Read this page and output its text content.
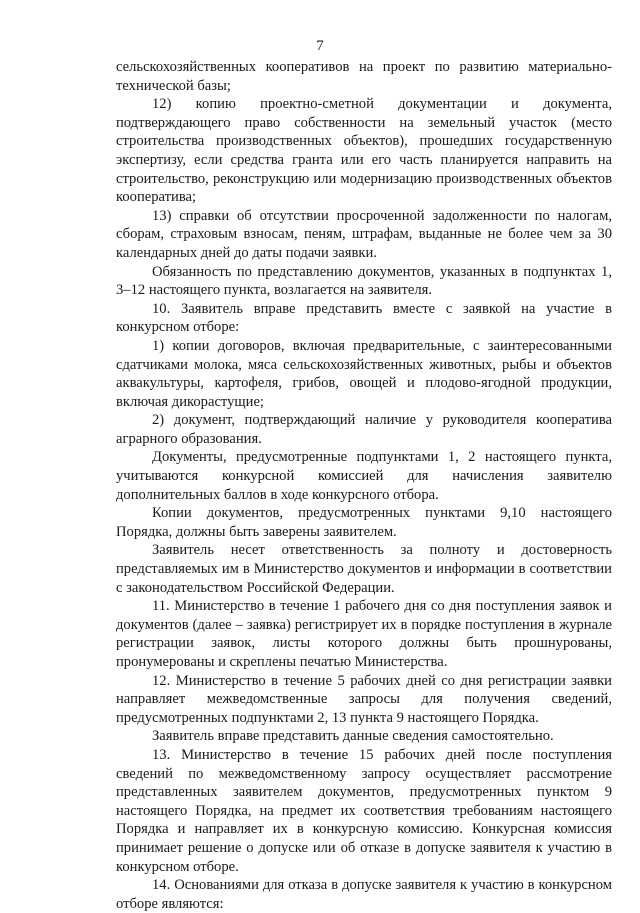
7

сельскохозяйственных кооперативов на проект по развитию материально-технической базы;

12) копию проектно-сметной документации и документа, подтверждающего право собственности на земельный участок (место строительства производственных объектов), прошедших государственную экспертизу, если средства гранта или его часть планируется направить на строительство, реконструкцию или модернизацию производственных объектов кооператива;

13) справки об отсутствии просроченной задолженности по налогам, сборам, страховым взносам, пеням, штрафам, выданные не более чем за 30 календарных дней до даты подачи заявки.

Обязанность по представлению документов, указанных в подпунктах 1, 3–12 настоящего пункта, возлагается на заявителя.

10. Заявитель вправе представить вместе с заявкой на участие в конкурсном отборе:

1) копии договоров, включая предварительные, с заинтересованными сдатчиками молока, мяса сельскохозяйственных животных, рыбы и объектов аквакультуры, картофеля, грибов, овощей и плодово-ягодной продукции, включая дикорастущие;

2) документ, подтверждающий наличие у руководителя кооператива аграрного образования.

Документы, предусмотренные подпунктами 1, 2 настоящего пункта, учитываются конкурсной комиссией для начисления заявителю дополнительных баллов в ходе конкурсного отбора.

Копии документов, предусмотренных пунктами 9,10 настоящего Порядка, должны быть заверены заявителем.

Заявитель несет ответственность за полноту и достоверность представляемых им в Министерство документов и информации в соответствии с законодательством Российской Федерации.

11. Министерство в течение 1 рабочего дня со дня поступления заявок и документов (далее – заявка) регистрирует их в порядке поступления в журнале регистрации заявок, листы которого должны быть прошнурованы, пронумерованы и скреплены печатью Министерства.

12. Министерство в течение 5 рабочих дней со дня регистрации заявки направляет межведомственные запросы для получения сведений, предусмотренных подпунктами 2, 13 пункта 9 настоящего Порядка.

Заявитель вправе представить данные сведения самостоятельно.

13. Министерство в течение 15 рабочих дней после поступления сведений по межведомственному запросу осуществляет рассмотрение представленных заявителем документов, предусмотренных пунктом 9 настоящего Порядка, на предмет их соответствия требованиям настоящего Порядка и направляет их в конкурсную комиссию. Конкурсная комиссия принимает решение о допуске или об отказе в допуске заявителя к участию в конкурсном отборе.

14. Основаниями для отказа в допуске заявителя к участию в конкурсном отборе являются:
